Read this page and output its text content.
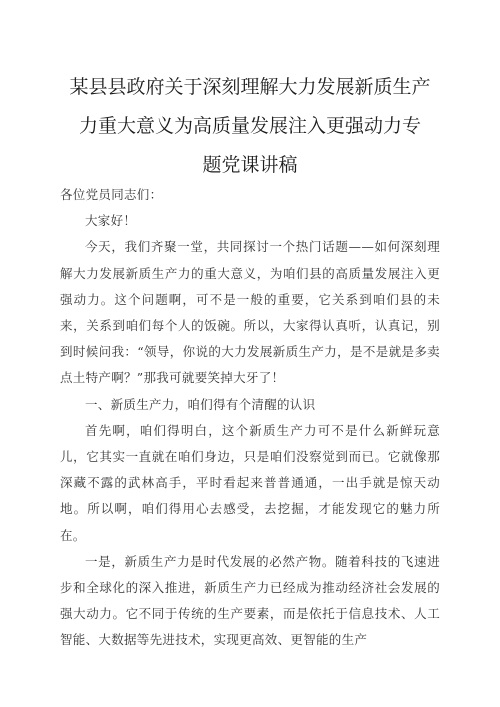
某县县政府关于深刻理解大力发展新质生产
力重大意义为高质量发展注入更强动力专
题党课讲稿

各位党员同志们：

大家好！

今天，我们齐聚一堂，共同探讨一个热门话题——如何深刻理解大力发展新质生产力的重大意义，为咱们县的高质量发展注入更强动力。这个问题啊，可不是一般的重要，它关系到咱们县的未来，关系到咱们每个人的饭碗。所以，大家得认真听，认真记，别到时候问我：“领导，你说的大力发展新质生产力，是不是就是多卖点土特产啊？”那我可就要笑掉大牙了！

一、新质生产力，咱们得有个清醒的认识

首先啊，咱们得明白，这个新质生产力可不是什么新鲜玩意儿，它其实一直就在咱们身边，只是咱们没察觉到而已。它就像那深藏不露的武林高手，平时看起来普普通通，一出手就是惊天动地。所以啊，咱们得用心去感受，去挖掘，才能发现它的魅力所在。

一是，新质生产力是时代发展的必然产物。随着科技的飞速进步和全球化的深入推进，新质生产力已经成为推动经济社会发展的强大动力。它不同于传统的生产要素，而是依托于信息技术、人工智能、大数据等先进技术，实现更高效、更智能的生产
